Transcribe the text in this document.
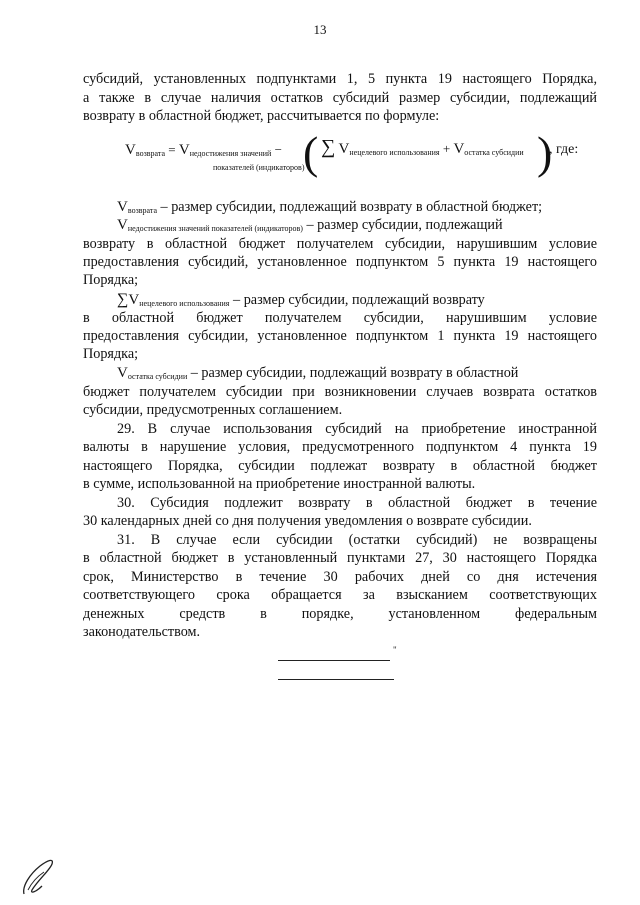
13
субсидий, установленных подпунктами 1, 5 пункта 19 настоящего Порядка,
а также в случае наличия остатков субсидий размер субсидии, подлежащий
возврату в областной бюджет, рассчитывается по формуле:
Vвозврата = Vнедостижения значений −
показателей (индикаторов)
( ∑ Vнецелевого использования + Vостатка субсидии )
, где:
Vвозврата – размер субсидии, подлежащий возврату в областной бюджет;
Vнедостижения значений показателей (индикаторов) – размер субсидии, подлежащий
возврату в областной бюджет получателем субсидии, нарушившим условие
предоставления субсидий, установленное подпунктом 5 пункта 19 настоящего
Порядка;
∑Vнецелевого использования – размер субсидии, подлежащий возврату
в областной бюджет получателем субсидии, нарушившим условие
предоставления субсидии, установленное подпунктом 1 пункта 19 настоящего
Порядка;
Vостатка субсидии – размер субсидии, подлежащий возврату в областной
бюджет получателем субсидии при возникновении случаев возврата остатков
субсидии, предусмотренных соглашением.
29. В случае использования субсидий на приобретение иностранной
валюты в нарушение условия, предусмотренного подпунктом 4 пункта 19
настоящего Порядка, субсидии подлежат возврату в областной бюджет
в сумме, использованной на приобретение иностранной валюты.
30. Субсидия подлежит возврату в областной бюджет в течение
30 календарных дней со дня получения уведомления о возврате субсидии.
31. В случае если субсидии (остатки субсидий) не возвращены
в областной бюджет в установленный пунктами 27, 30 настоящего Порядка
срок, Министерство в течение 30 рабочих дней со дня истечения
соответствующего срока обращается за взысканием соответствующих
денежных средств в порядке, установленном федеральным
законодательством.
"
